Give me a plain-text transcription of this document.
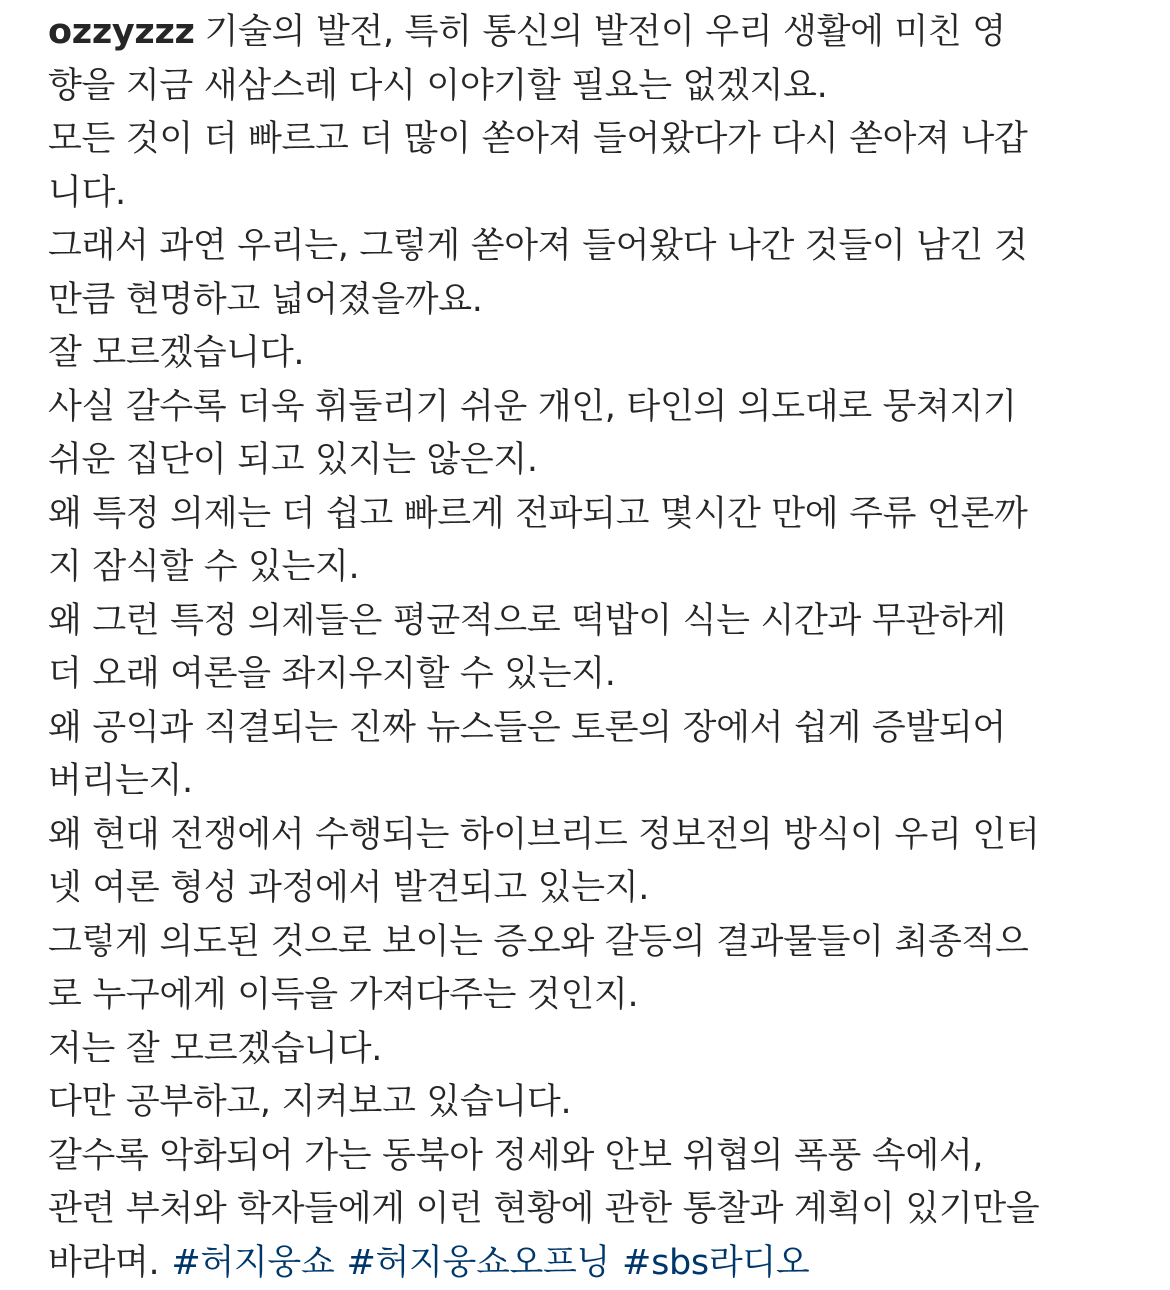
ozzyzzz 기술의 발전, 특히 통신의 발전이 우리 생활에 미친 영
향을 지금 새삼스레 다시 이야기할 필요는 없겠지요.
모든 것이 더 빠르고 더 많이 쏟아져 들어왔다가 다시 쏟아져 나갑
니다.
그래서 과연 우리는, 그렇게 쏟아져 들어왔다 나간 것들이 남긴 것
만큼 현명하고 넓어졌을까요.
잘 모르겠습니다.
사실 갈수록 더욱 휘둘리기 쉬운 개인, 타인의 의도대로 뭉쳐지기
쉬운 집단이 되고 있지는 않은지.
왜 특정 의제는 더 쉽고 빠르게 전파되고 몇시간 만에 주류 언론까
지 잠식할 수 있는지.
왜 그런 특정 의제들은 평균적으로 떡밥이 식는 시간과 무관하게
더 오래 여론을 좌지우지할 수 있는지.
왜 공익과 직결되는 진짜 뉴스들은 토론의 장에서 쉽게 증발되어
버리는지.
왜 현대 전쟁에서 수행되는 하이브리드 정보전의 방식이 우리 인터
넷 여론 형성 과정에서 발견되고 있는지.
그렇게 의도된 것으로 보이는 증오와 갈등의 결과물들이 최종적으
로 누구에게 이득을 가져다주는 것인지.
저는 잘 모르겠습니다.
다만 공부하고, 지켜보고 있습니다.
갈수록 악화되어 가는 동북아 정세와 안보 위협의 폭풍 속에서,
관련 부처와 학자들에게 이런 현황에 관한 통찰과 계획이 있기만을
바라며. #허지웅쇼 #허지웅쇼오프닝 #sbs라디오
